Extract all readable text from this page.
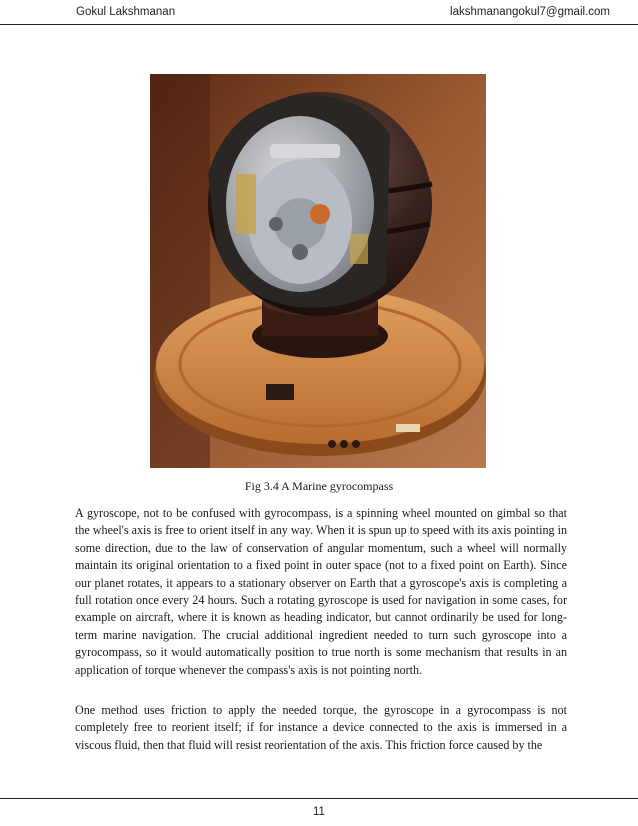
Gokul Lakshmanan	lakshmanangokul7@gmail.com
Fig 3.4 A Marine gyrocompass

A gyroscope, not to be confused with gyrocompass, is a spinning wheel mounted on gimbal so that the wheel's axis is free to orient itself in any way. When it is spun up to speed with its axis pointing in some direction, due to the law of conservation of angular momentum, such a wheel will normally maintain its original orientation to a fixed point in outer space (not to a fixed point on Earth). Since our planet rotates, it appears to a stationary observer on Earth that a gyroscope's axis is completing a full rotation once every 24 hours. Such a rotating gyroscope is used for navigation in some cases, for example on aircraft, where it is known as heading indicator, but cannot ordinarily be used for long-term marine navigation. The crucial additional ingredient needed to turn such gyroscope into a gyrocompass, so it would automatically position to true north is some mechanism that results in an application of torque whenever the compass's axis is not pointing north.

One method uses friction to apply the needed torque, the gyroscope in a gyrocompass is not completely free to reorient itself; if for instance a device connected to the axis is immersed in a viscous fluid, then that fluid will resist reorientation of the axis. This friction force caused by the

11
